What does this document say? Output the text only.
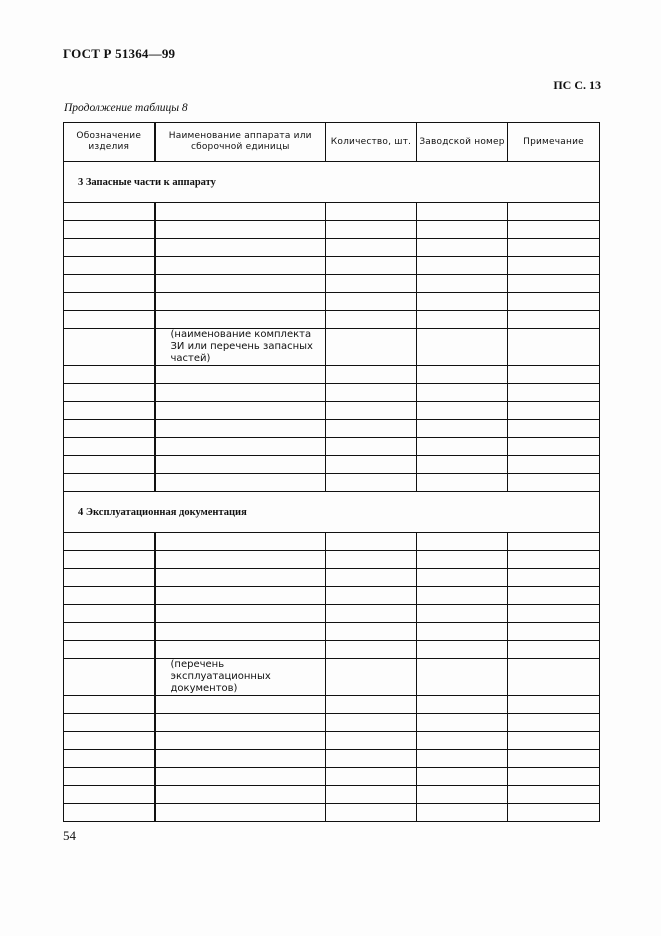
ГОСТ Р 51364—99
ПС С. 13
Продолжение таблицы 8
Обозначение изделия	Наименование аппарата или сборочной единицы	Количество, шт.	Заводской номер	Примечание
3 Запасные части к аппарату				

	(наименование комплекта ЗИ или перечень запасных частей)			

4 Эксплуатационная документация				

	(перечень эксплуатационных документов)			

54
